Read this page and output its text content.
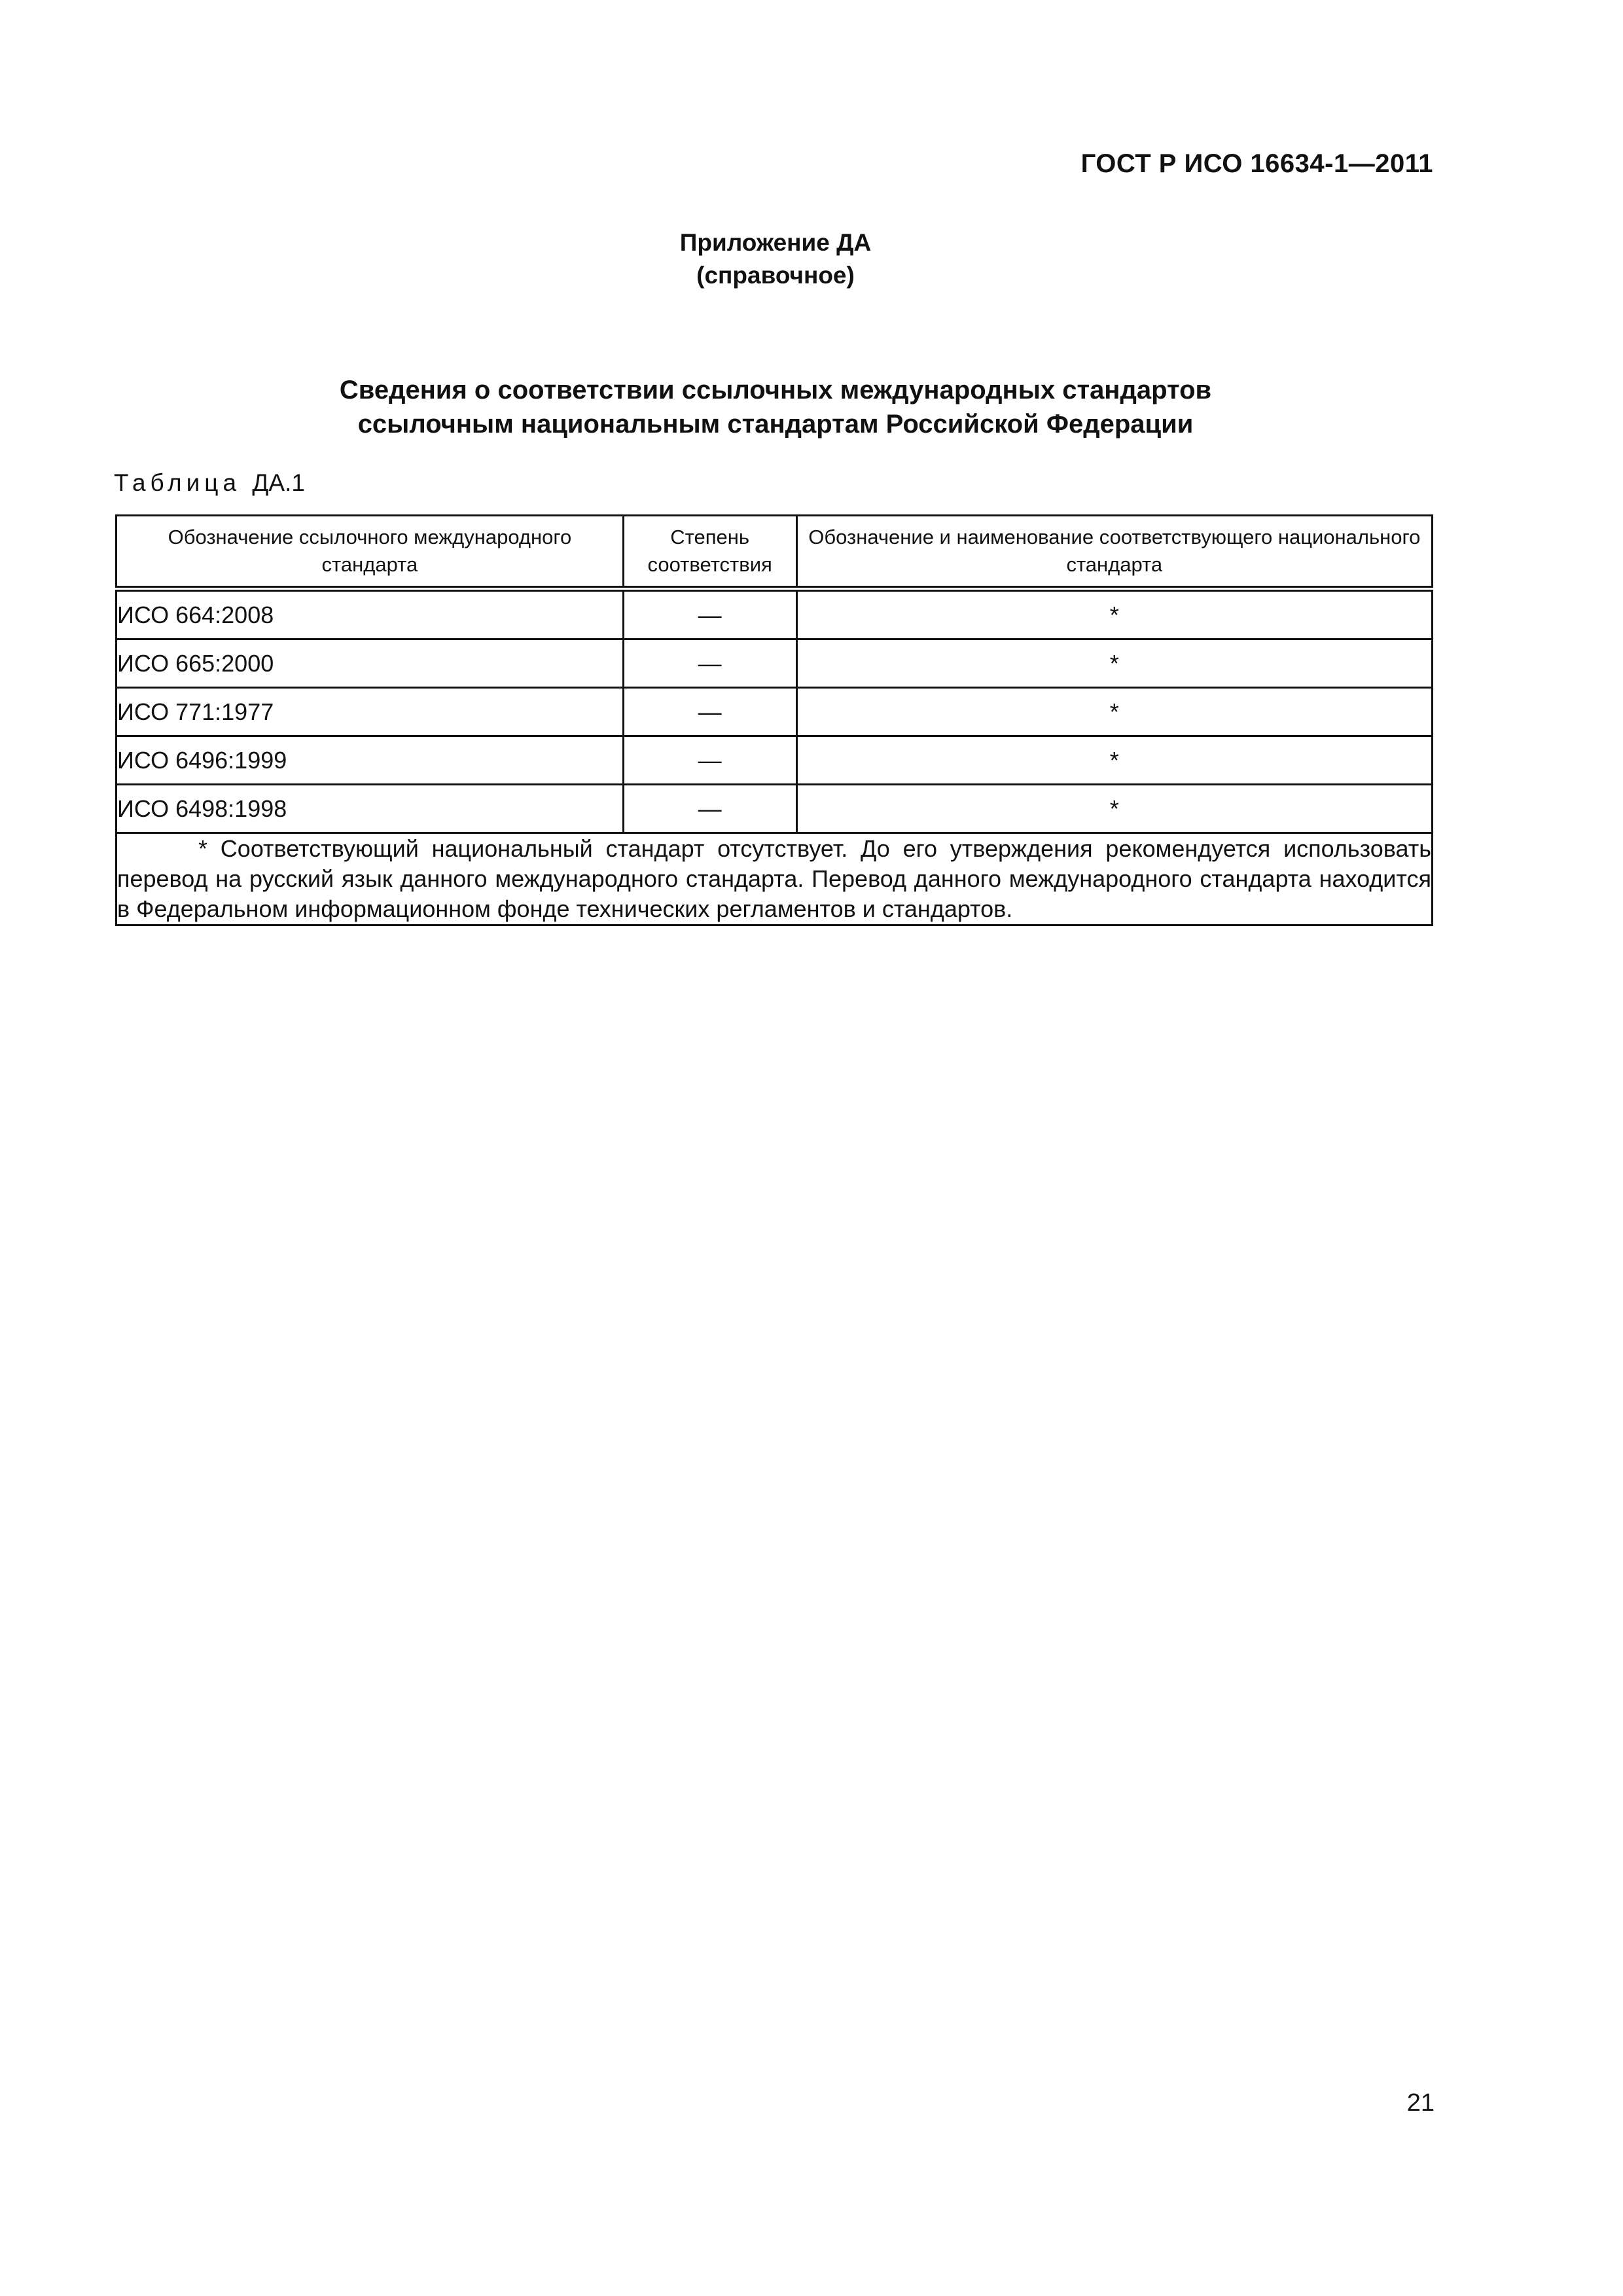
ГОСТ Р ИСО 16634-1—2011
Приложение ДА
(справочное)
Сведения о соответствии ссылочных международных стандартов
ссылочным национальным стандартам Российской Федерации
Таблица ДА.1
Обозначение ссылочного международного стандарта	Степень соответствия	Обозначение и наименование соответствующего национального стандарта
ИСО 664:2008	—	*
ИСО 665:2000	—	*
ИСО 771:1977	—	*
ИСО 6496:1999	—	*
ИСО 6498:1998	—	*

* Соответствующий национальный стандарт отсутствует. До его утверждения рекомендуется использовать перевод на русский язык данного международного стандарта. Перевод данного международного стандарта находится в Федеральном информационном фонде технических регламентов и стандартов.		
21
